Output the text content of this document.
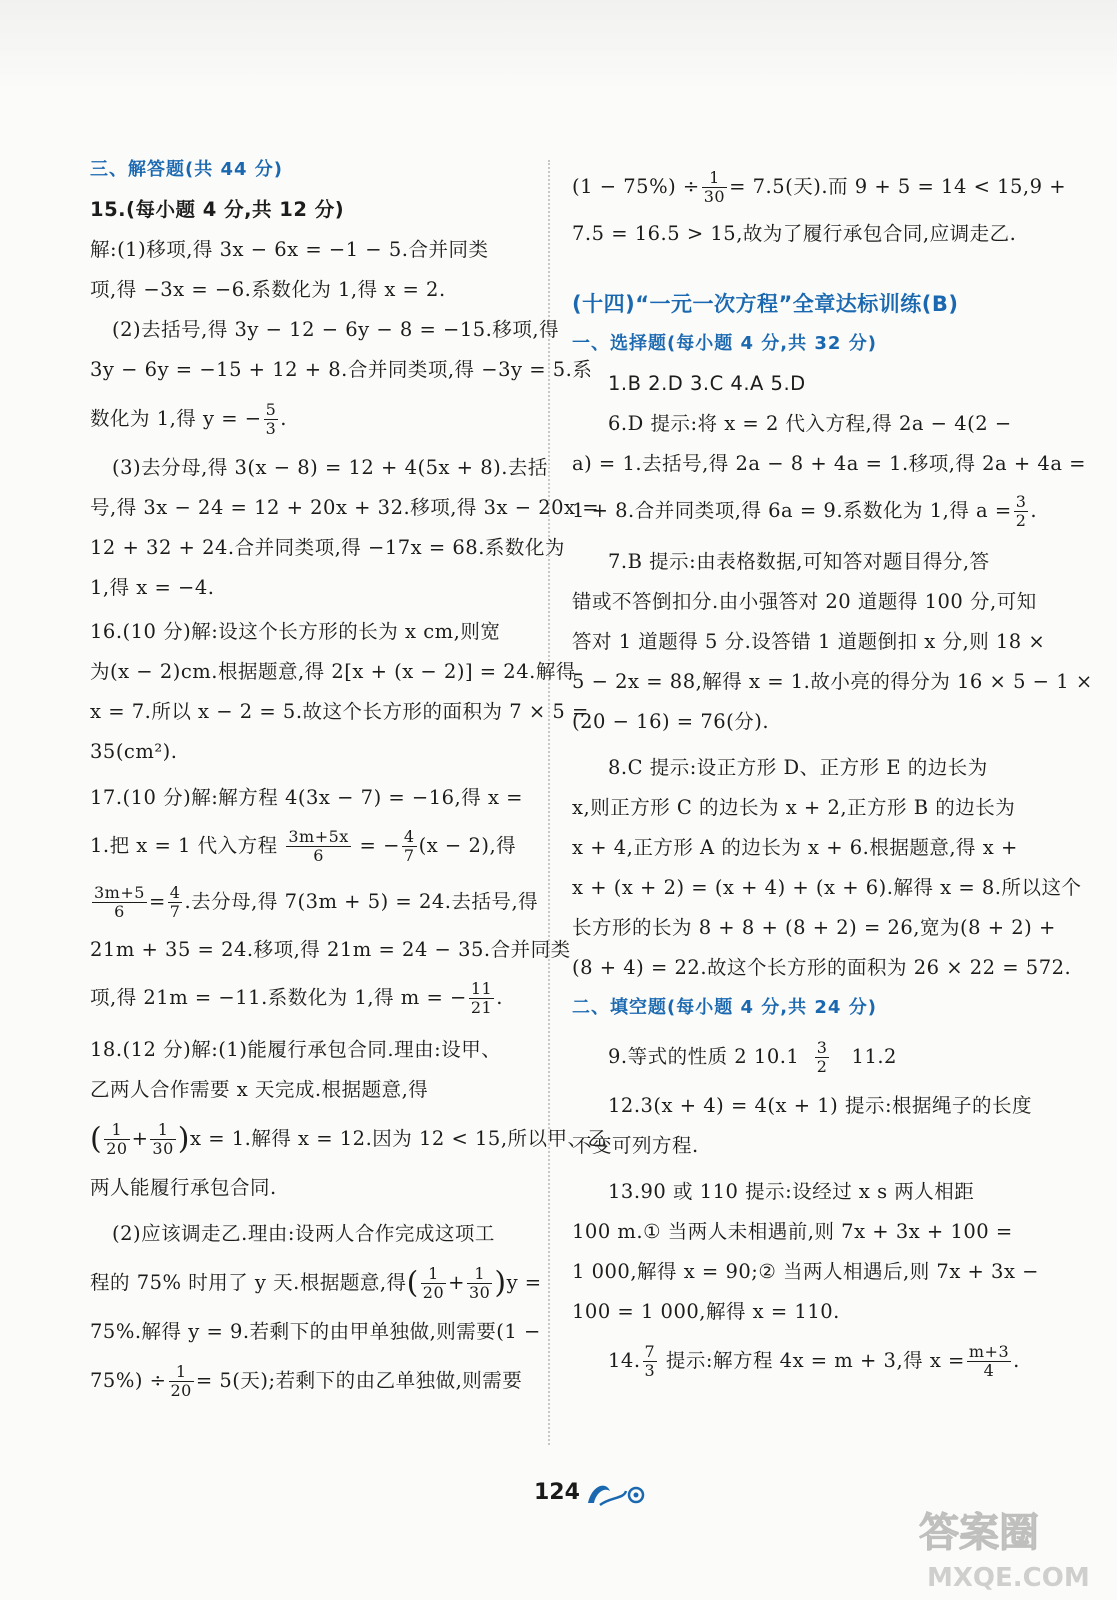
三、解答题(共 44 分)
15.(每小题 4 分,共 12 分)
解:(1)移项,得 3x − 6x = −1 − 5.合并同类
项,得 −3x = −6.系数化为 1,得 x = 2.
(2)去括号,得 3y − 12 − 6y − 8 = −15.移项,得
3y − 6y = −15 + 12 + 8.合并同类项,得 −3y = 5.系
数化为 1,得 y = − $\frac{5}{3}$ .
(3)去分母,得 3(x − 8) = 12 + 4(5x + 8).去括
号,得 3x − 24 = 12 + 20x + 32.移项,得 3x − 20x =
12 + 32 + 24.合并同类项,得 −17x = 68.系数化为
1,得 x = −4.
16.(10 分)解:设这个长方形的长为 x cm,则宽
为(x − 2)cm.根据题意,得 2[x + (x − 2)] = 24.解得
x = 7.所以 x − 2 = 5.故这个长方形的面积为 7 × 5 =
35(cm²).
17.(10 分)解:解方程 4(3x − 7) = −16,得 x =
1.把 x = 1 代入方程 $\frac{3m+5x}{6}$ = − $\frac{4}{7} (x - 2)$,得
$\frac{3m+5}{6} = \frac{4}{7}$ .去分母,得 7(3m + 5) = 24.去括号,得
21m + 35 = 24.移项,得 21m = 24 − 35.合并同类
项,得 21m = −11.系数化为 1,得 m = − $\frac{11}{21}$ .
18.(12 分)解:(1)能履行承包合同.理由:设甲、
乙两人合作需要 x 天完成.根据题意,得
( $\frac{1}{20} + \frac{1}{30} )x = 1$.解得 x = 12.因为 12 < 15,所以甲、乙
两人能履行承包合同.
(2)应该调走乙.理由:设两人合作完成这项工
程的 75% 时用了 y 天.根据题意,得( $\frac{1}{20} + \frac{1}{30} )y$ =
75%.解得 y = 9.若剩下的由甲单独做,则需要(1 −
$75\%) \div \frac{1}{20} = 5$(天);若剩下的由乙单独做,则需要
$(1 - 75\%) \div \frac{1}{30} = 7.5$(天).而 9 + 5 = 14 < 15,9 +
7.5 = 16.5 > 15,故为了履行承包合同,应调走乙.
(十四)“一元一次方程”全章达标训练(B)
一、选择题(每小题 4 分,共 32 分)
1.B 2.D 3.C 4.A 5.D
6.D 提示:将 x = 2 代入方程,得 2a − 4(2 −
a) = 1.去括号,得 2a − 8 + 4a = 1.移项,得 2a + 4a =
1 + 8.合并同类项,得 6a = 9.系数化为 1,得 $a = \frac{3}{2}$ .
7.B 提示:由表格数据,可知答对题目得分,答
错或不答倒扣分.由小强答对 20 道题得 100 分,可知
答对 1 道题得 5 分.设答错 1 道题倒扣 x 分,则 18 ×
5 − 2x = 88,解得 x = 1.故小亮的得分为 16 × 5 − 1 ×
(20 − 16) = 76(分).
8.C 提示:设正方形 D、正方形 E 的边长为
x,则正方形 C 的边长为 x + 2,正方形 B 的边长为
x + 4,正方形 A 的边长为 x + 6.根据题意,得 x +
x + (x + 2) = (x + 4) + (x + 6).解得 x = 8.所以这个
长方形的长为 8 + 8 + (8 + 2) = 26,宽为(8 + 2) +
(8 + 4) = 22.故这个长方形的面积为 26 × 22 = 572.
二、填空题(每小题 4 分,共 24 分)
9.等式的性质 2 $10.1 \frac{3}{2} 11.2$
12.3(x + 4) = 4(x + 1) 提示:根据绳子的长度
不变可列方程.
13.90 或 110 提示:设经过 x s 两人相距
100 m.① 当两人未相遇前,则 7x + 3x + 100 =
1 000,解得 x = 90;② 当两人相遇后,则 7x + 3x −
100 = 1 000,解得 x = 110.
14. $\frac{7}{3}$ 提示:解方程 4x = m + 3,得 $x = \frac{m+3}{4}$ .
124
答案圈
MXQE.COM
